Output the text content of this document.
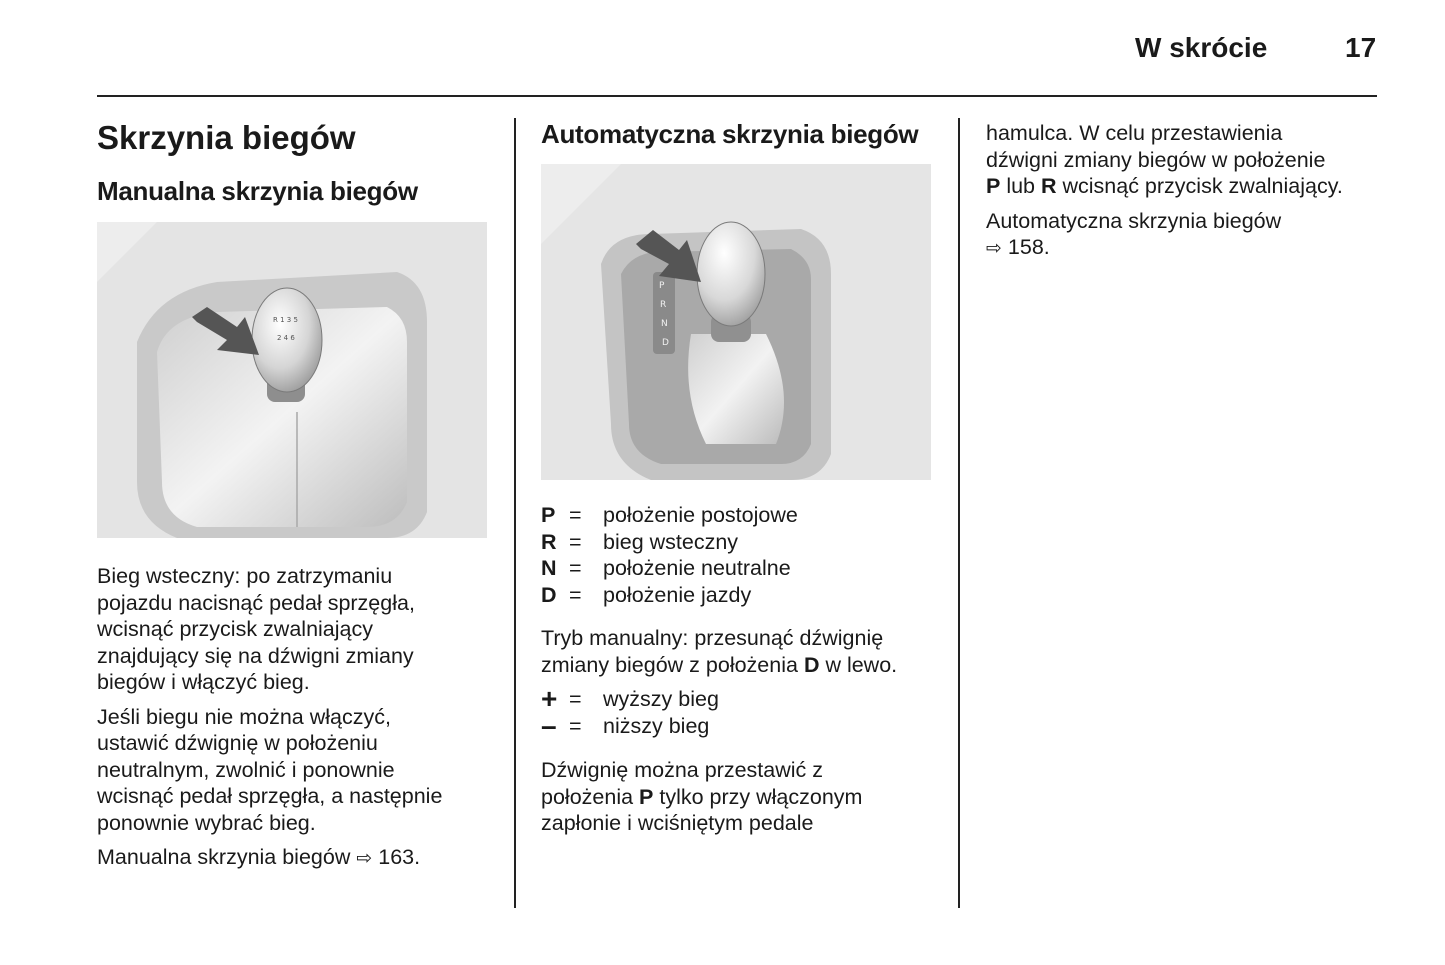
W skrócie	17
Skrzynia biegów
Manualna skrzynia biegów
R 1 3 5
2 4 6

Bieg wsteczny: po zatrzymaniu
pojazdu nacisnąć pedał sprzęgła,
wcisnąć przycisk zwalniający
znajdujący się na dźwigni zmiany
biegów i włączyć bieg.

Jeśli biegu nie można włączyć,
ustawić dźwignię w położeniu
neutralnym, zwolnić i ponownie
wcisnąć pedał sprzęgła, a następnie
ponownie wybrać bieg.

Manualna skrzynia biegów ⇨ 163.

Automatyczna skrzynia biegów
P
R
N
D
P = położenie postojowe
R = bieg wsteczny
N = położenie neutralne
D = położenie jazdy

Tryb manualny: przesunąć dźwignię
zmiany biegów z położenia D w lewo.

+ = wyższy bieg
– = niższy bieg

Dźwignię można przestawić z
położenia P tylko przy włączonym
zapłonie i wciśniętym pedale

hamulca. W celu przestawienia
dźwigni zmiany biegów w położenie
P lub R wcisnąć przycisk zwalniający.

Automatyczna skrzynia biegów
⇨ 158.
